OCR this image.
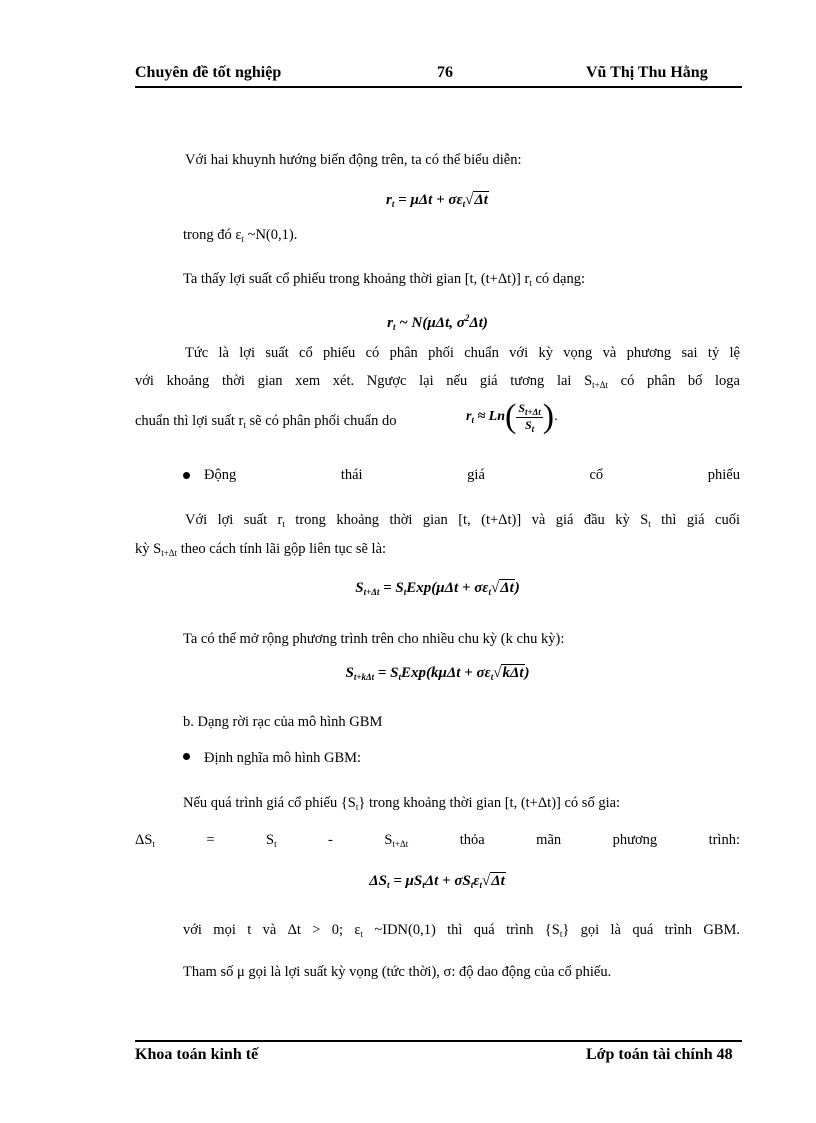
Chuyên đề tốt nghiệp	76	Vũ Thị Thu Hằng
Với hai khuynh hướng biến động trên, ta có thể biểu diễn:
$r_t = \mu\Delta t + \sigma\varepsilon_t√\Delta t$
trong đó $\varepsilon_t$ ~N(0,1).
Ta thấy lợi suất cổ phiếu trong khoảng thời gian [t, (t+Δt)] $r_t$ có dạng:
$r_t$ ~ N(μΔt, $\sigma^2\Delta t$)
Tức là lợi suất cổ phiếu có phân phối chuẩn với kỳ vọng và phương sai tỷ lệ
với khoảng thời gian xem xét. Ngược lại nếu giá tương lai $S_{t+\Delta t}$ có phân bố loga
chuẩn thì lợi suất $r_t$ sẽ có phân phối chuẩn do	$r_t \approx Ln( \frac{S_{t+\Delta t}}{S_t}$ ).
Động	thái	giá	cổ	phiếu
Với lợi suất $r_t$ trong khoảng thời gian [t, (t+Δt)] và giá đầu kỳ $S_t$ thì giá cuối
kỳ $S_{t+\Delta t}$ theo cách tính lãi gộp liên tục sẽ là:
$S_{t+\Delta t} = S_tExp(\mu\Delta t + \sigma\varepsilon_t√\Delta t)$
Ta có thể mở rộng phương trình trên cho nhiều chu kỳ (k chu kỳ):
$S_{t+k\Delta t} = S_tExp(k\mu\Delta t + \sigma\varepsilon_t√k\Delta t)$
b. Dạng rời rạc của mô hình GBM
Định nghĩa mô hình GBM:
Nếu quá trình giá cổ phiếu $\{S_t\}$ trong khoảng thời gian [t, (t+Δt)] có số gia:
$\Delta S_t$	=	$S_t$	-	$S_{t+\Delta t}$	thỏa	mãn	phương	trình:
$\Delta S_t = \mu S_t\Delta t + \sigma S_t\varepsilon_t√\Delta t$
với mọi t và Δt > 0; $\varepsilon_t$ ~IDN(0,1) thì quá trình $\{S_t\}$ gọi là quá trình GBM.
Tham số μ gọi là lợi suất kỳ vọng (tức thời), σ: độ dao động của cổ phiếu.
Khoa toán kinh tế	Lớp toán tài chính 48
